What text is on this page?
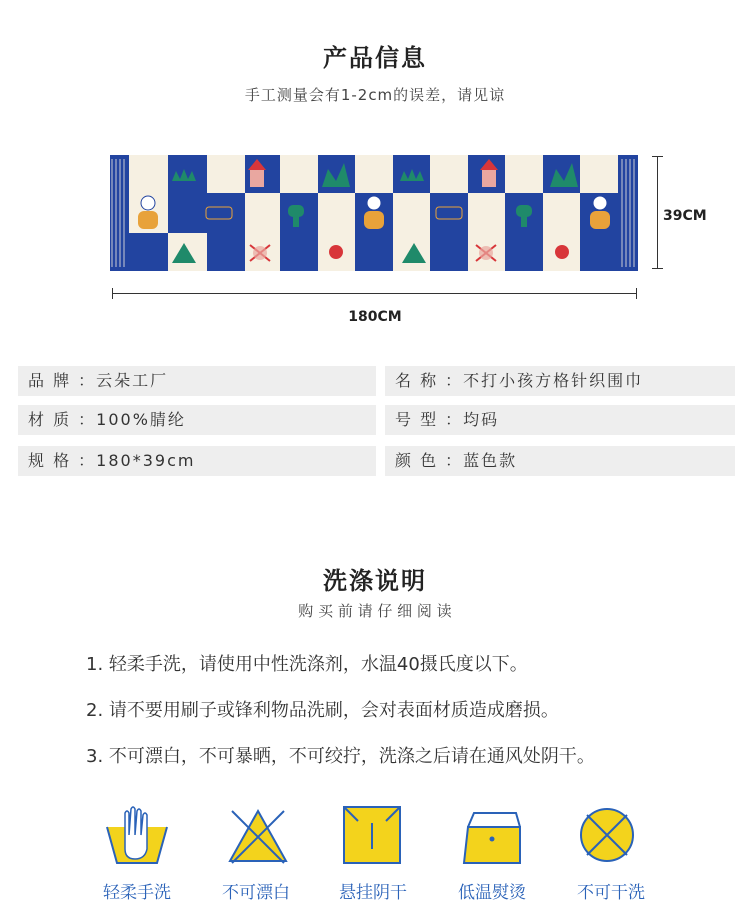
产品信息
手工测量会有1-2cm的误差，请见谅
39CM
180CM
品 牌 ：云朵工厂	名 称 ：不打小孩方格针织围巾
材 质 ：100%腈纶	号 型 ：均码
规 格 ：180*39cm	颜 色 ：蓝色款
洗涤说明
购 买 前 请 仔 细 阅 读
1. 轻柔手洗，请使用中性洗涤剂，水温40摄氏度以下。
2. 请不要用刷子或锋利物品洗刷，会对表面材质造成磨损。
3. 不可漂白，不可暴晒，不可绞拧，洗涤之后请在通风处阴干。
轻柔手洗	不可漂白	悬挂阴干	低温熨烫	不可干洗
